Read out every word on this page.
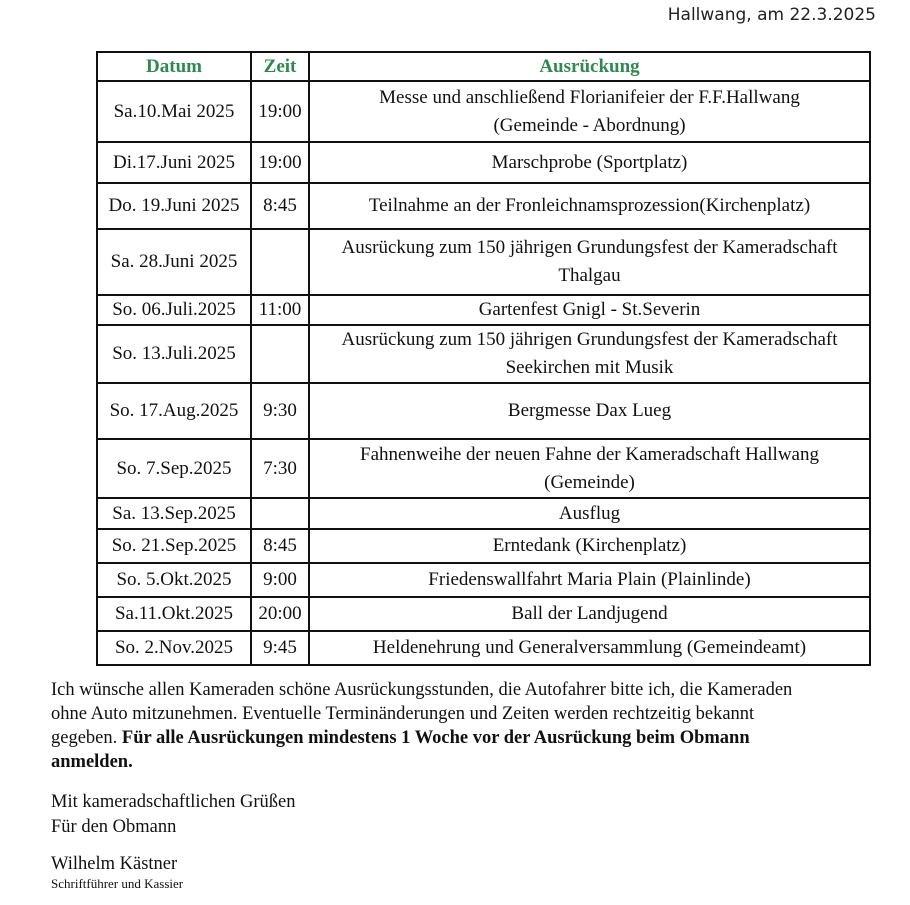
Hallwang, am 22.3.2025
Datum	Zeit	Ausrückung
Sa.10.Mai 2025	19:00	Messe und anschließend Florianifeier der F.F.Hallwang
(Gemeinde - Abordnung)

Di.17.Juni 2025	19:00	Marschprobe (Sportplatz)
Do. 19.Juni 2025	8:45	Teilnahme an der Fronleichnamsprozession(Kirchenplatz)
Sa. 28.Juni 2025		Ausrückung zum 150 jährigen Grundungsfest der Kameradschaft
Thalgau

So. 06.Juli.2025	11:00	Gartenfest Gnigl - St.Severin
So. 13.Juli.2025		Ausrückung zum 150 jährigen Grundungsfest der Kameradschaft
Seekirchen mit Musik

So. 17.Aug.2025	9:30	Bergmesse Dax Lueg
So. 7.Sep.2025	7:30	Fahnenweihe der neuen Fahne der Kameradschaft Hallwang
(Gemeinde)

Sa. 13.Sep.2025		Ausflug
So. 21.Sep.2025	8:45	Erntedank (Kirchenplatz)
So. 5.Okt.2025	9:00	Friedenswallfahrt Maria Plain (Plainlinde)
Sa.11.Okt.2025	20:00	Ball der Landjugend
So. 2.Nov.2025	9:45	Heldenehrung und Generalversammlung (Gemeindeamt)

Ich wünsche allen Kameraden schöne Ausrückungsstunden, die Autofahrer bitte ich, die Kameraden ohne Auto mitzunehmen. Eventuelle Terminänderungen und Zeiten werden rechtzeitig bekannt gegeben. Für alle Ausrückungen mindestens 1 Woche vor der Ausrückung beim Obmann anmelden.

Mit kameradschaftlichen Grüßen

Für den Obmann

Wilhelm Kästner
Schriftführer und Kassier
